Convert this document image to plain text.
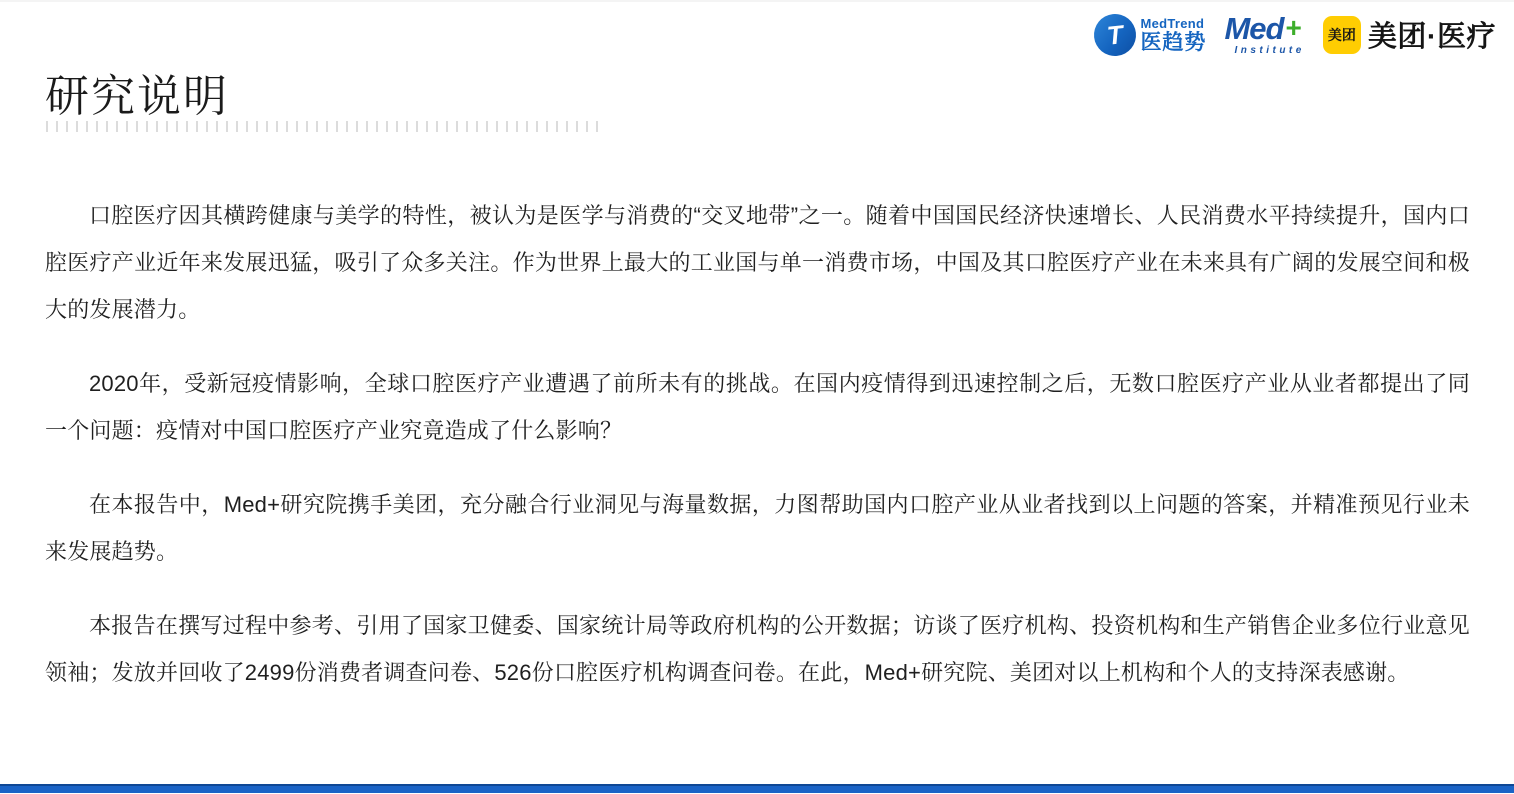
T MedTrend
医趋势 Med +
Institute
美团 美团·医疗
研究说明

口腔医疗因其横跨健康与美学的特性，被认为是医学与消费的“交叉地带”之一。随着中国国民经济快速增长、人民消费水平持续提升，国内口腔医疗产业近年来发展迅猛，吸引了众多关注。作为世界上最大的工业国与单一消费市场，中国及其口腔医疗产业在未来具有广阔的发展空间和极大的发展潜力。

2020年，受新冠疫情影响，全球口腔医疗产业遭遇了前所未有的挑战。在国内疫情得到迅速控制之后，无数口腔医疗产业从业者都提出了同一个问题：疫情对中国口腔医疗产业究竟造成了什么影响？

在本报告中，Med+研究院携手美团，充分融合行业洞见与海量数据，力图帮助国内口腔产业从业者找到以上问题的答案，并精准预见行业未来发展趋势。

本报告在撰写过程中参考、引用了国家卫健委、国家统计局等政府机构的公开数据；访谈了医疗机构、投资机构和生产销售企业多位行业意见领袖；发放并回收了2499份消费者调查问卷、526份口腔医疗机构调查问卷。在此，Med+研究院、美团对以上机构和个人的支持深表感谢。
